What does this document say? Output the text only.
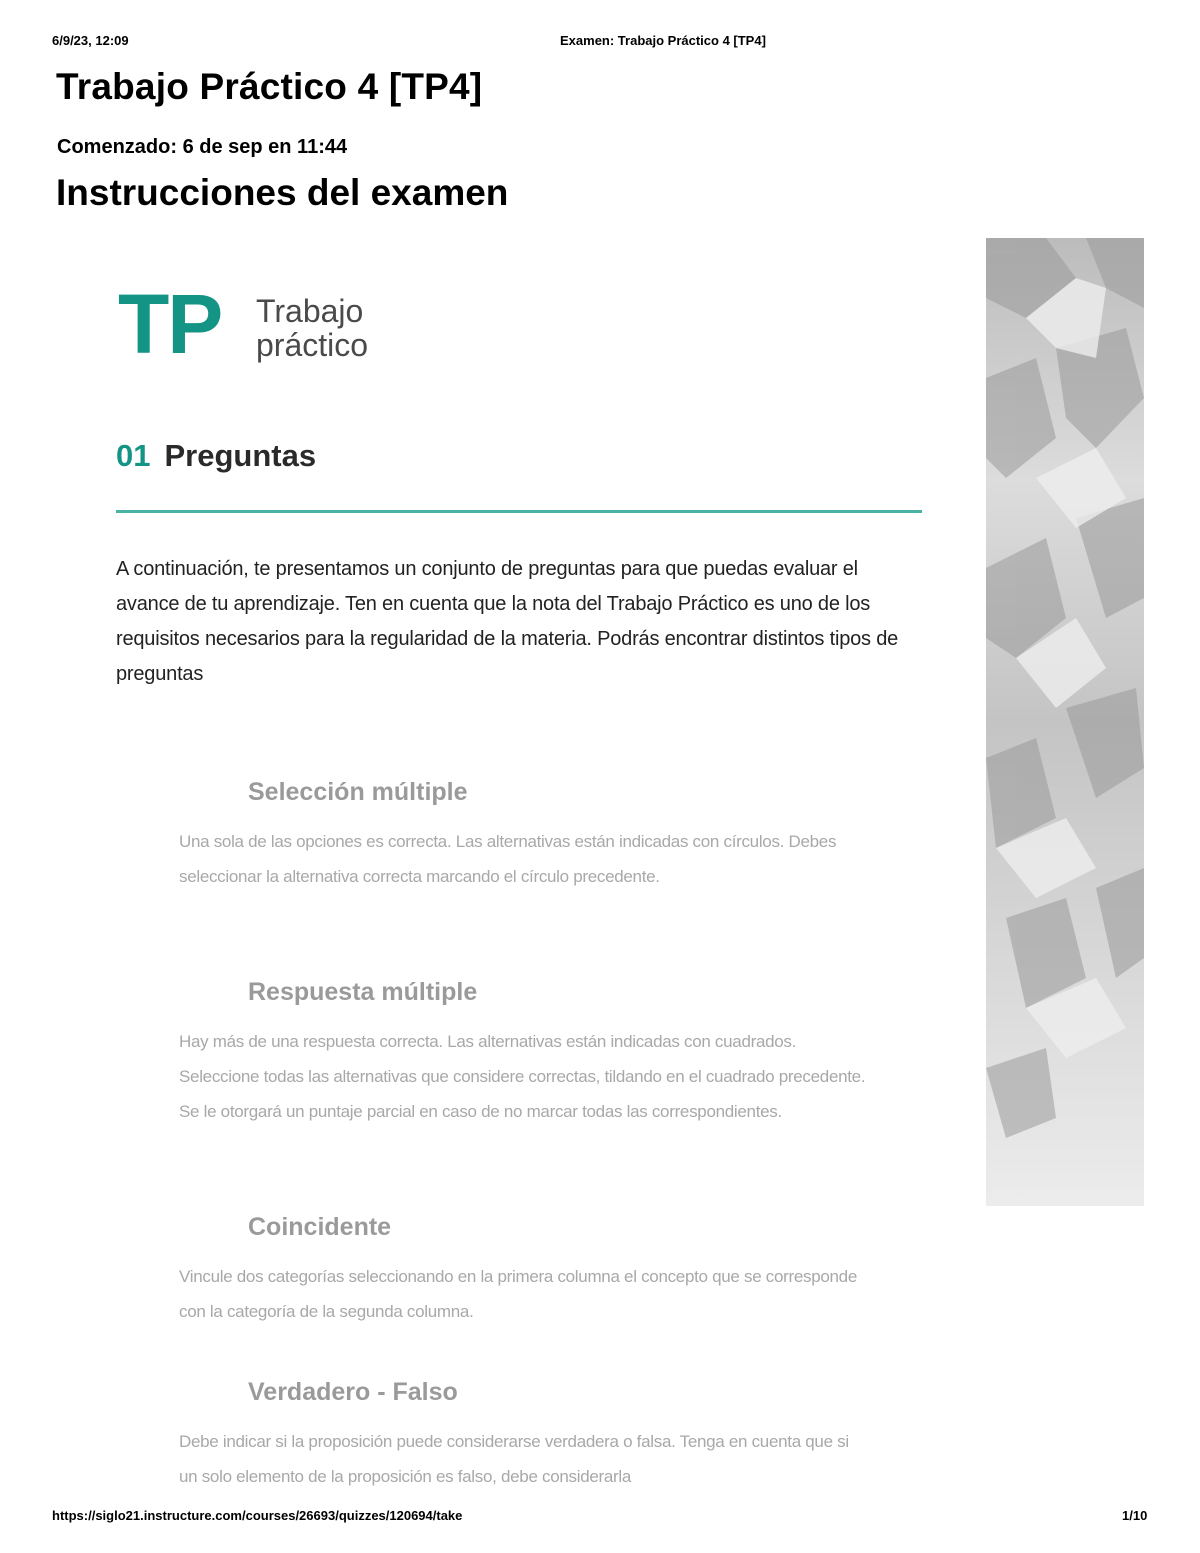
6/9/23, 12:09	Examen: Trabajo Práctico 4 [TP4]
Trabajo Práctico 4 [TP4]
Comenzado: 6 de sep en 11:44
Instrucciones del examen
TP Trabajo
práctico
01 Preguntas
A continuación, te presentamos un conjunto de preguntas para que puedas evaluar el avance de tu aprendizaje. Ten en cuenta que la nota del Trabajo Práctico es uno de los requisitos necesarios para la regularidad de la materia. Podrás encontrar distintos tipos de preguntas
Selección múltiple

Una sola de las opciones es correcta. Las alternativas están indicadas con círculos. Debes seleccionar la alternativa correcta marcando el círculo precedente.

Respuesta múltiple

Hay más de una respuesta correcta. Las alternativas están indicadas con cuadrados. Seleccione todas las alternativas que considere correctas, tildando en el cuadrado precedente. Se le otorgará un puntaje parcial en caso de no marcar todas las correspondientes.

Coincidente

Vincule dos categorías seleccionando en la primera columna el concepto que se corresponde con la categoría de la segunda columna.

Verdadero - Falso

Debe indicar si la proposición puede considerarse verdadera o falsa. Tenga en cuenta que si un solo elemento de la proposición es falso, debe considerarla

https://siglo21.instructure.com/courses/26693/quizzes/120694/take	1/10
